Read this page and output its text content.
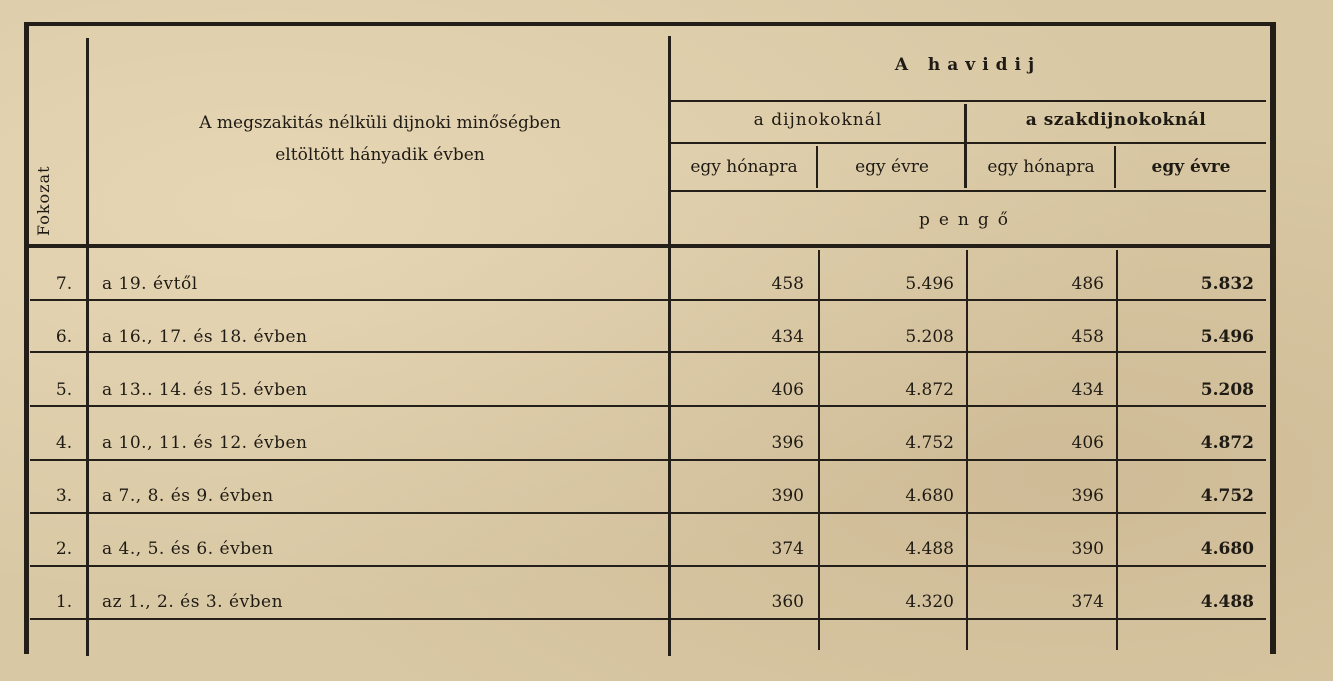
Fokozat
A megszakitás nélküli dijnoki minőségben
eltöltött hányadik évben
A havidij
a dijnokoknál	a szakdijnokoknál
egy hónapra	egy évre	egy hónapra	egy évre
pengő
7.	a 19. évtől	458	5.496	486	5.832
6.	a 16., 17. és 18. évben	434	5.208	458	5.496
5.	a 13.. 14. és 15. évben	406	4.872	434	5.208
4.	a 10., 11. és 12. évben	396	4.752	406	4.872
3.	a 7., 8. és 9. évben	390	4.680	396	4.752
2.	a 4., 5. és 6. évben	374	4.488	390	4.680
1.	az 1., 2. és 3. évben	360	4.320	374	4.488
